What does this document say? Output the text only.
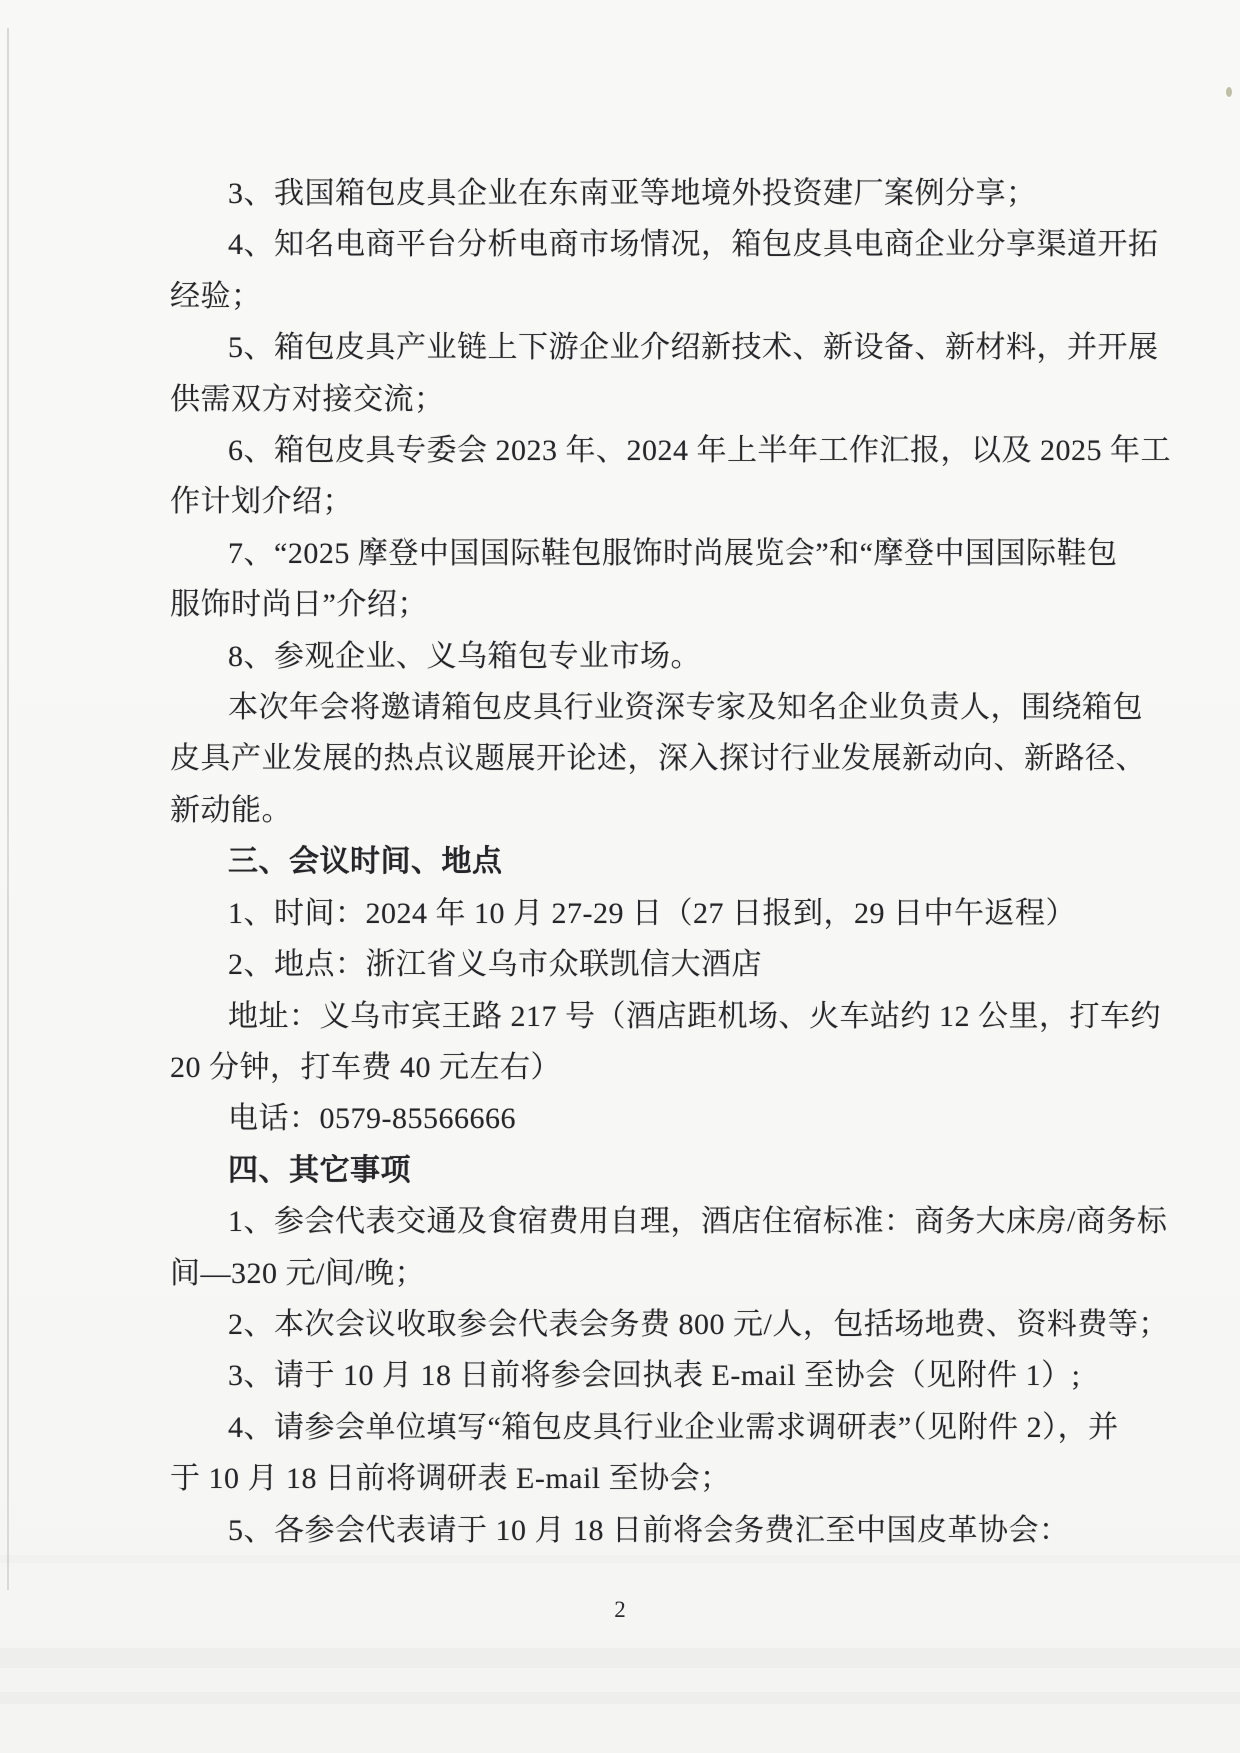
3、我国箱包皮具企业在东南亚等地境外投资建厂案例分享；
4、知名电商平台分析电商市场情况，箱包皮具电商企业分享渠道开拓
经验；
5、箱包皮具产业链上下游企业介绍新技术、新设备、新材料，并开展
供需双方对接交流；
6、箱包皮具专委会 2023 年、2024 年上半年工作汇报，以及 2025 年工
作计划介绍；
7、“2025 摩登中国国际鞋包服饰时尚展览会”和“摩登中国国际鞋包
服饰时尚日”介绍；
8、参观企业、义乌箱包专业市场。
本次年会将邀请箱包皮具行业资深专家及知名企业负责人，围绕箱包
皮具产业发展的热点议题展开论述，深入探讨行业发展新动向、新路径、
新动能。
三、会议时间、地点
1、时间：2024 年 10 月 27-29 日（27 日报到，29 日中午返程）
2、地点：浙江省义乌市众联凯信大酒店
地址：义乌市宾王路 217 号（酒店距机场、火车站约 12 公里，打车约
20 分钟，打车费 40 元左右）
电话：0579-85566666
四、其它事项
1、参会代表交通及食宿费用自理，酒店住宿标准：商务大床房/商务标
间—320 元/间/晚；
2、本次会议收取参会代表会务费 800 元/人，包括场地费、资料费等；
3、请于 10 月 18 日前将参会回执表 E-mail 至协会（见附件 1）;
4、请参会单位填写“箱包皮具行业企业需求调研表”（见附件 2），并
于 10 月 18 日前将调研表 E-mail 至协会；
5、各参会代表请于 10 月 18 日前将会务费汇至中国皮革协会：
2
